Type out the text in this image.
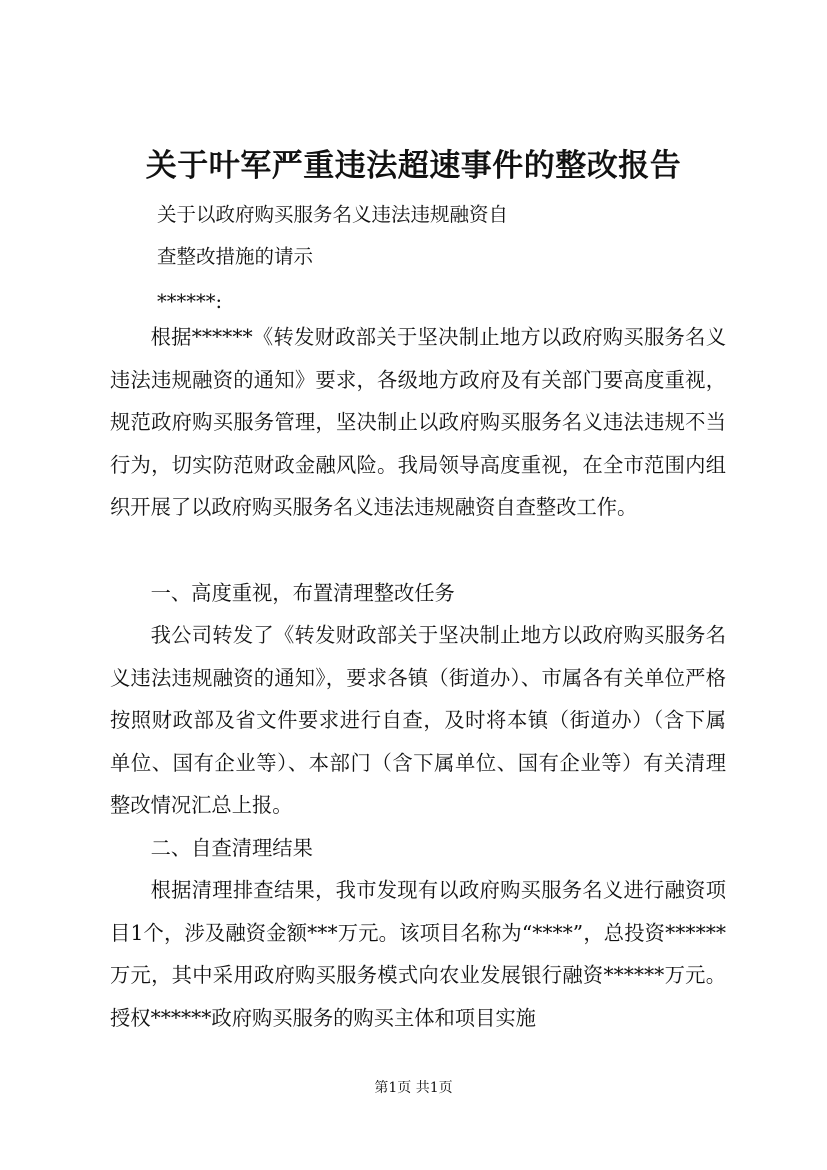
关于叶军严重违法超速事件的整改报告
关于以政府购买服务名义违法违规融资自
查整改措施的请示
******:

根据******《转发财政部关于坚决制止地方以政府购买服务名义违法违规融资的通知》要求，各级地方政府及有关部门要高度重视，规范政府购买服务管理，坚决制止以政府购买服务名义违法违规不当行为，切实防范财政金融风险。我局领导高度重视，在全市范围内组织开展了以政府购买服务名义违法违规融资自查整改工作。

一、高度重视，布置清理整改任务

我公司转发了《转发财政部关于坚决制止地方以政府购买服务名义违法违规融资的通知》，要求各镇（街道办）、市属各有关单位严格按照财政部及省文件要求进行自查，及时将本镇（街道办）（含下属单位、国有企业等）、本部门（含下属单位、国有企业等）有关清理整改情况汇总上报。

二、自查清理结果

根据清理排查结果，我市发现有以政府购买服务名义进行融资项目1个，涉及融资金额***万元。该项目名称为“****”，总投资******万元，其中采用政府购买服务模式向农业发展银行融资******万元。授权******政府购买服务的购买主体和项目实施

第1页 共1页
